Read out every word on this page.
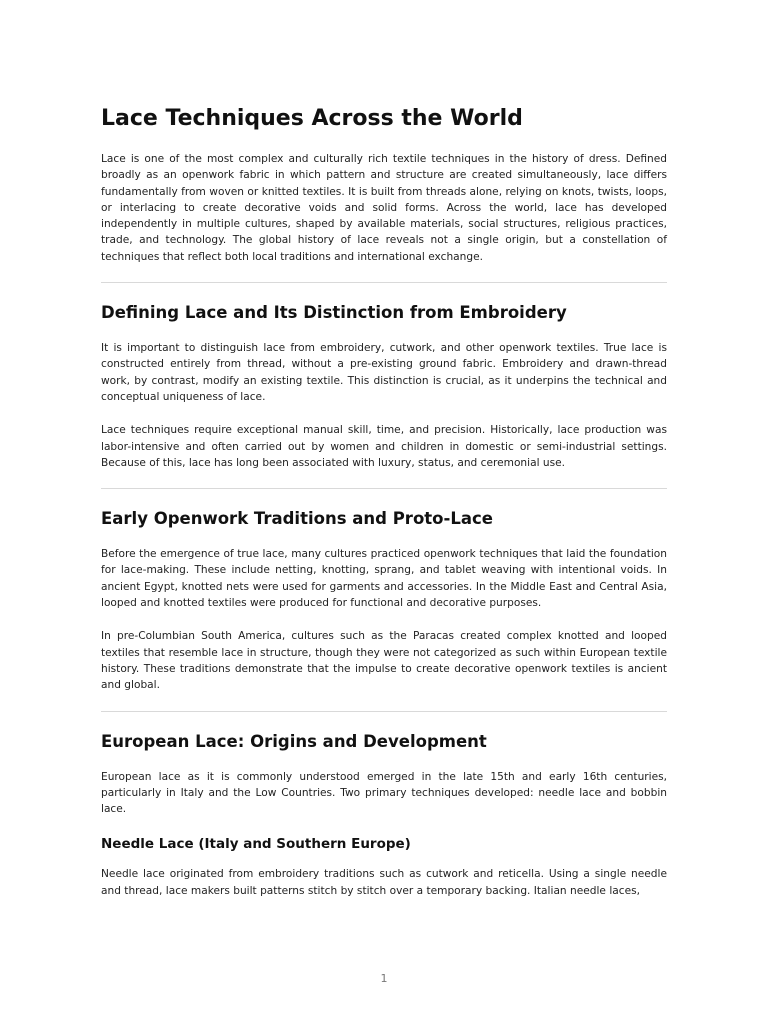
Lace Techniques Across the World

Lace is one of the most complex and culturally rich textile techniques in the history of dress. Defined broadly as an openwork fabric in which pattern and structure are created simultaneously, lace differs fundamentally from woven or knitted textiles. It is built from threads alone, relying on knots, twists, loops, or interlacing to create decorative voids and solid forms. Across the world, lace has developed independently in multiple cultures, shaped by available materials, social structures, religious practices, trade, and technology. The global history of lace reveals not a single origin, but a constellation of techniques that reflect both local traditions and international exchange.

Defining Lace and Its Distinction from Embroidery

It is important to distinguish lace from embroidery, cutwork, and other openwork textiles. True lace is constructed entirely from thread, without a pre-existing ground fabric. Embroidery and drawn-thread work, by contrast, modify an existing textile. This distinction is crucial, as it underpins the technical and conceptual uniqueness of lace.

Lace techniques require exceptional manual skill, time, and precision. Historically, lace production was labor-intensive and often carried out by women and children in domestic or semi-industrial settings. Because of this, lace has long been associated with luxury, status, and ceremonial use.

Early Openwork Traditions and Proto-Lace

Before the emergence of true lace, many cultures practiced openwork techniques that laid the foundation for lace-making. These include netting, knotting, sprang, and tablet weaving with intentional voids. In ancient Egypt, knotted nets were used for garments and accessories. In the Middle East and Central Asia, looped and knotted textiles were produced for functional and decorative purposes.

In pre-Columbian South America, cultures such as the Paracas created complex knotted and looped textiles that resemble lace in structure, though they were not categorized as such within European textile history. These traditions demonstrate that the impulse to create decorative openwork textiles is ancient and global.

European Lace: Origins and Development

European lace as it is commonly understood emerged in the late 15th and early 16th centuries, particularly in Italy and the Low Countries. Two primary techniques developed: needle lace and bobbin lace.

Needle Lace (Italy and Southern Europe)

Needle lace originated from embroidery traditions such as cutwork and reticella. Using a single needle and thread, lace makers built patterns stitch by stitch over a temporary backing. Italian needle laces,

1
